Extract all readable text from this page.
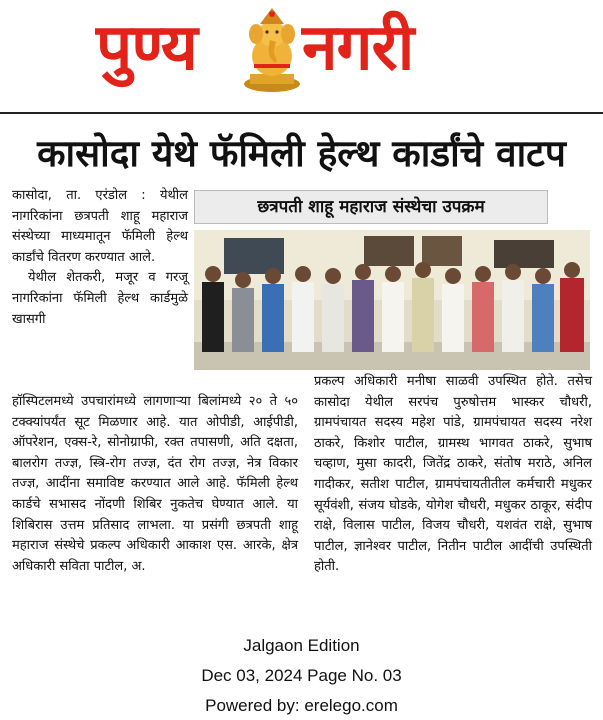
पुण्य नगरी
कासोदा येथे फॅमिली हेल्थ कार्डांचे वाटप

कासोदा, ता. एरंडोल : येथील नागरिकांना छत्रपती शाहू महाराज संस्थेच्या माध्यमातून फॅमिली हेल्थ कार्डांचे वितरण करण्यात आले.

येथील शेतकरी, मजूर व गरजू नागरिकांना फॅमिली हेल्थ कार्डमुळे खासगी

छत्रपती शाहू महाराज संस्थेचा उपक्रम
प्रकल्प अधिकारी मनीषा साळवी उपस्थित होते. तसेच कासोदा येथील सरपंच पुरुषोत्तम भास्कर चौधरी, ग्रामपंचायत सदस्य महेश पांडे, ग्रामपंचायत सदस्य नरेश ठाकरे, किशोर पाटील, ग्रामस्थ भागवत ठाकरे, सुभाष चव्हाण, मुसा कादरी, जितेंद्र ठाकरे, संतोष मराठे, अनिल गादीकर, सतीश पाटील, ग्रामपंचायतीतील कर्मचारी मधुकर सूर्यवंशी, संजय घोडके, योगेश चौधरी, मधुकर ठाकूर, संदीप राक्षे, विलास पाटील, विजय चौधरी, यशवंत राक्षे, सुभाष पाटील, ज्ञानेश्वर पाटील, नितीन पाटील आदींची उपस्थिती होती.
हॉस्पिटलमध्ये उपचारांमध्ये लागणाऱ्या बिलांमध्ये २० ते ५० टक्क्यांपर्यंत सूट मिळणार आहे. यात ओपीडी, आईपीडी, ऑपरेशन, एक्स-रे, सोनोग्राफी, रक्त तपासणी, अति दक्षता, बालरोग तज्ज्ञ, स्त्रि-रोग तज्ज्ञ, दंत रोग तज्ज्ञ, नेत्र विकार तज्ज्ञ, आदींना समाविष्ट करण्यात आले आहे. फॅमिली हेल्थ कार्डचे सभासद नोंदणी शिबिर नुकतेच घेण्यात आले. या शिबिरास उत्तम प्रतिसाद लाभला. या प्रसंगी छत्रपती शाहू महाराज संस्थेचे प्रकल्प अधिकारी आकाश एस. आरके, क्षेत्र अधिकारी सविता पाटील, अ.
Jalgaon Edition
Dec 03, 2024 Page No. 03
Powered by: erelego.com
